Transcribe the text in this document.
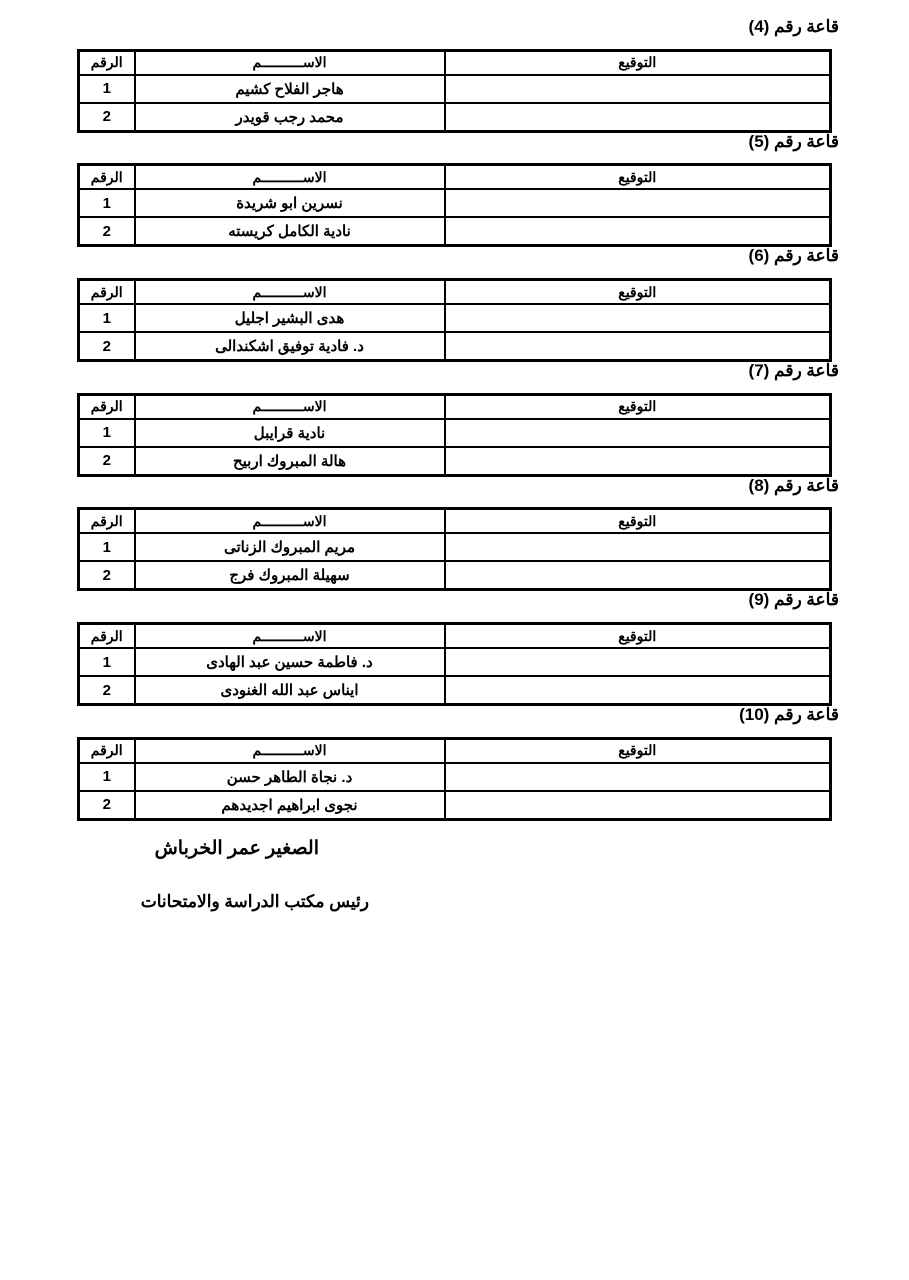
قاعة رقم (4)
التوقيع	الاســــــــــم	الرقم
	هاجر الفلاح كشيم	1
	محمد رجب قويدر	2
قاعة رقم (5)
التوقيع	الاســــــــــم	الرقم
	نسرين ابو شريدة	1
	نادية الكامل كريسته	2
قاعة رقم (6)
التوقيع	الاســــــــــم	الرقم
	هدى البشير اجليل	1
	د. فادية توفيق اشكندالى	2
قاعة رقم (7)
التوقيع	الاســــــــــم	الرقم
	نادية قرايبل	1
	هالة المبروك اربيح	2
قاعة رقم (8)
التوقيع	الاســــــــــم	الرقم
	مريم المبروك الزناتى	1
	سهيلة المبروك فرج	2
قاعة رقم (9)
التوقيع	الاســــــــــم	الرقم
	د. فاطمة حسين عبد الهادى	1
	ايناس عبد الله الغنودى	2
قاعة رقم (10)
التوقيع	الاســــــــــم	الرقم
	د. نجاة الطاهر حسن	1
	نجوى ابراهيم اجديدهم	2
الصغير عمر الخرباش
رئيس مكتب الدراسة والامتحانات
